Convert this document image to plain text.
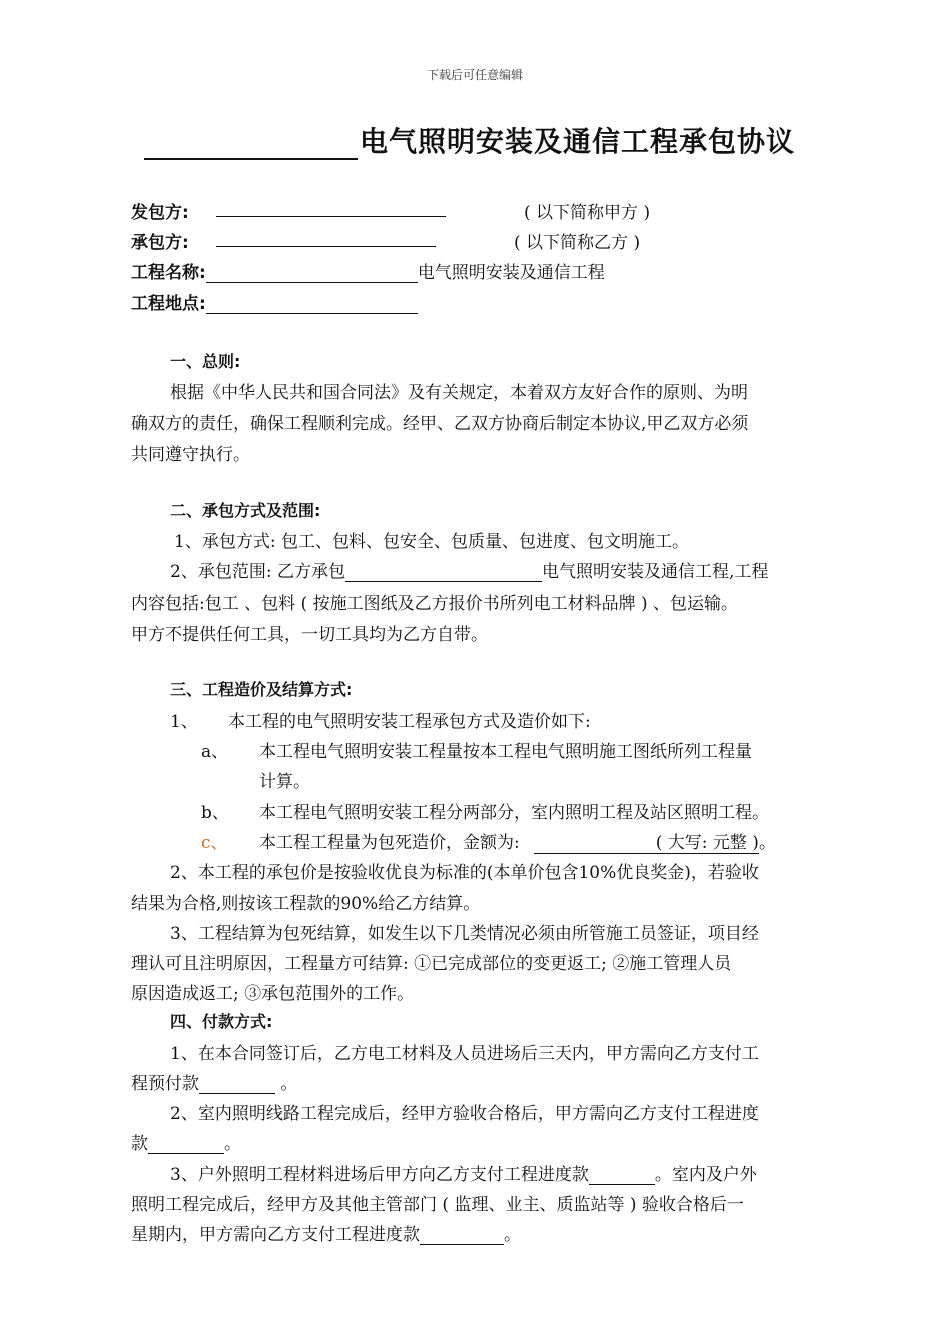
下载后可任意编辑
电气照明安装及通信工程承包协议
发包方:	( 以下简称甲方 )
承包方:	( 以下简称乙方 )
工程名称:	电气照明安装及通信工程
工程地点:
一、总则:
根据《中华人民共和国合同法》及有关规定，本着双方友好合作的原则、为明
确双方的责任，确保工程顺利完成。经甲、乙双方协商后制定本协议,甲乙双方必须
共同遵守执行。
二、承包方式及范围:
1、承包方式: 包工、包料、包安全、包质量、包进度、包文明施工。
2、承包范围: 乙方承包	电气照明安装及通信工程,工程
内容包括:包工 、包料 ( 按施工图纸及乙方报价书所列电工材料品牌 ) 、包运输。
甲方不提供任何工具，一切工具均为乙方自带。
三、工程造价及结算方式:
1、 本工程的电气照明安装工程承包方式及造价如下:
a、 本工程电气照明安装工程量按本工程电气照明施工图纸所列工程量
计算。
b、 本工程电气照明安装工程分两部分，室内照明工程及站区照明工程。
c、 本工程工程量为包死造价，金额为:	( 大写: 元整 )。
2、本工程的承包价是按验收优良为标准的(本单价包含10%优良奖金)，若验收
结果为合格,则按该工程款的90%给乙方结算。
3、工程结算为包死结算，如发生以下几类情况必须由所管施工员签证，项目经
理认可且注明原因，工程量方可结算: ①已完成部位的变更返工; ②施工管理人员
原因造成返工; ③承包范围外的工作。
四、付款方式:
1、在本合同签订后，乙方电工材料及人员进场后三天内，甲方需向乙方支付工
程预付款	。
2、室内照明线路工程完成后，经甲方验收合格后，甲方需向乙方支付工程进度
款	。
3、户外照明工程材料进场后甲方向乙方支付工程进度款	。室内及户外
照明工程完成后，经甲方及其他主管部门 ( 监理、业主、质监站等 ) 验收合格后一
星期内，甲方需向乙方支付工程进度款	。
